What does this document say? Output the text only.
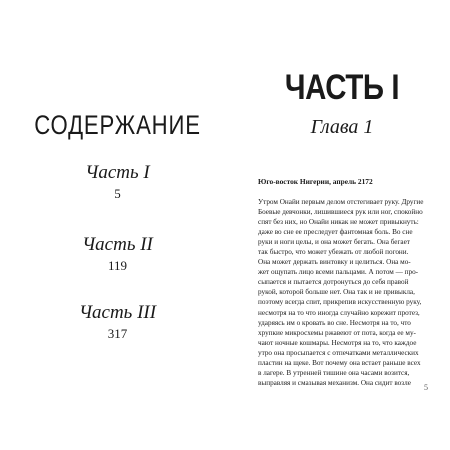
СОДЕРЖАНИЕ
Часть I
5
Часть II
119
Часть III
317
ЧАСТЬ I
Глава 1
Юго-восток Нигерии, апрель 2172
Утром Онайи первым делом отстегивает руку. Другие
Боевые девчонки, лишившиеся рук или ног, спокойно
спят без них, но Онайи никак не может привыкнуть:
даже во сне ее преследует фантомная боль. Во сне
руки и ноги целы, и она может бегать. Она бегает
так быстро, что может убежать от любой погони.
Она может держать винтовку и целиться. Она мо-
жет ощупать лицо всеми пальцами. А потом — про-
сыпается и пытается дотронуться до себя правой
рукой, которой больше нет. Она так и не привыкла,
поэтому всегда спит, прикрепив искусственную руку,
несмотря на то что иногда случайно корежит протез,
ударяясь им о кровать во сне. Несмотря на то, что
хрупкие микросхемы ржавеют от пота, когда ее му-
чают ночные кошмары. Несмотря на то, что каждое
утро она просыпается с отпечатками металлических
пластин на щеке. Вот почему она встает раньше всех
в лагере. В утренней тишине она часами возится,
выправляя и смазывая механизм. Она сидит возле
5
